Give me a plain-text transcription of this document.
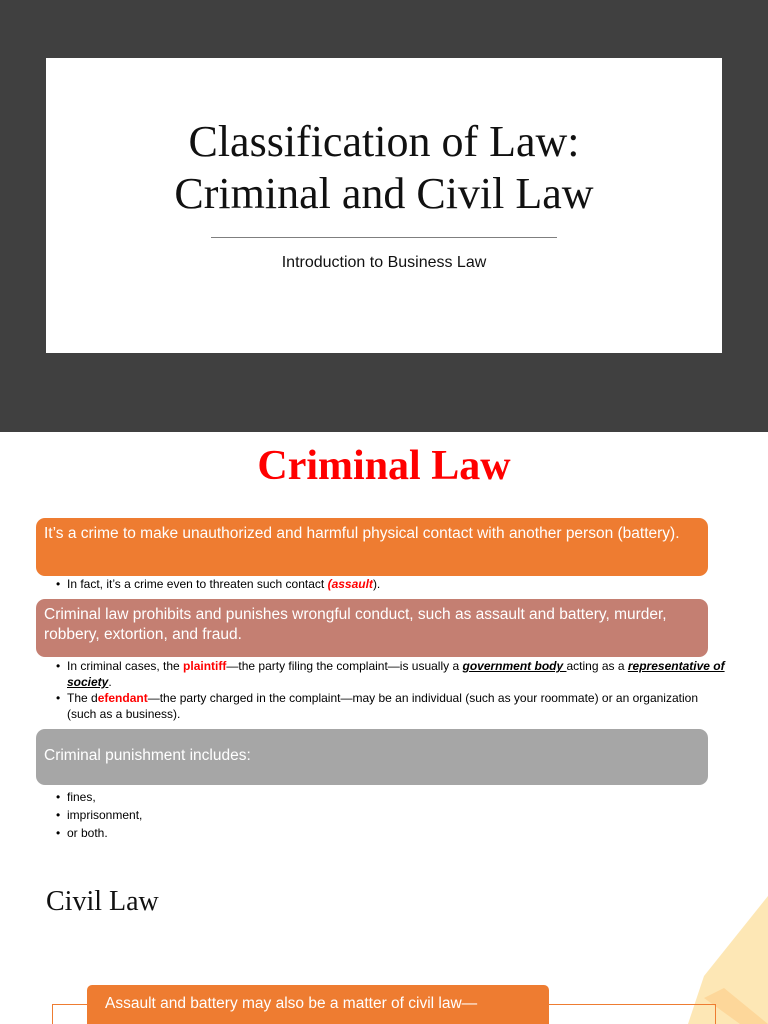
Classification of Law:
Criminal and Civil Law
Introduction to Business Law
Criminal Law
It’s a crime to make unauthorized and harmful physical contact with another person (battery).
• In fact, it’s a crime even to threaten such contact (assault).
Criminal law prohibits and punishes wrongful conduct, such as assault and battery, murder, robbery, extortion, and fraud.
• In criminal cases, the plaintiff—the party filing the complaint—is usually a government body acting as a representative of society.
• The defendant—the party charged in the complaint—may be an individual (such as your roommate) or an organization (such as a business).
Criminal punishment includes:
• fines,
• imprisonment,
• or both.
Civil Law
Assault and battery may also be a matter of civil law—
